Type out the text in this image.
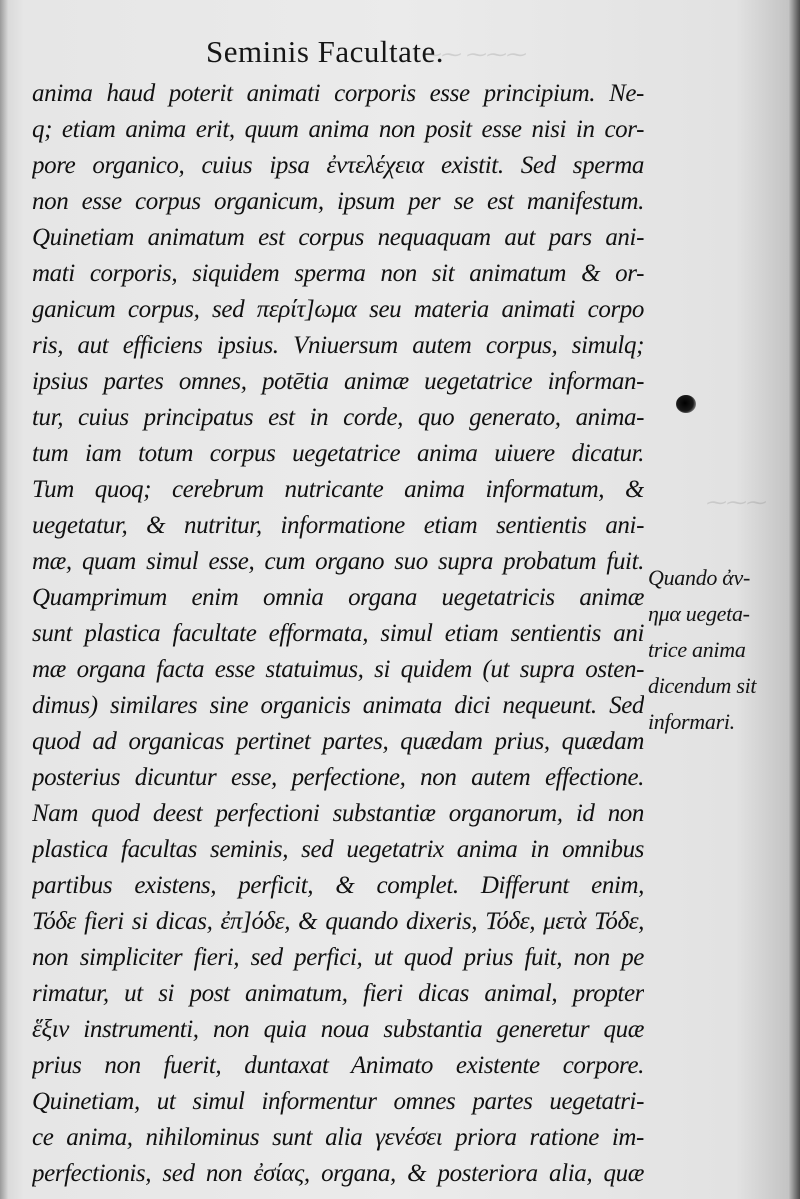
⁓⁓ ⁓⁓⁓
⁓⁓⁓
Seminis Facultate.
anima haud poterit animati corporis esse principium. Ne-
q; etiam anima erit, quum anima non posit esse nisi in cor-
pore organico, cuius ipsa ἐντελέχεια existit. Sed sperma
non esse corpus organicum, ipsum per se est manifestum.
Quinetiam animatum est corpus nequaquam aut pars ani-
mati corporis, siquidem sperma non sit animatum & or-
ganicum corpus, sed περίτ]ωμα seu materia animati corpo
ris, aut efficiens ipsius. Vniuersum autem corpus, simulq;
ipsius partes omnes, potētia animæ uegetatrice informan-
tur, cuius principatus est in corde, quo generato, anima-
tum iam totum corpus uegetatrice anima uiuere dicatur.
Tum quoq; cerebrum nutricante anima informatum, &
uegetatur, & nutritur, informatione etiam sentientis ani-
mæ, quam simul esse, cum organo suo supra probatum fuit.
Quamprimum enim omnia organa uegetatricis animæ
sunt plastica facultate efformata, simul etiam sentientis ani
mæ organa facta esse statuimus, si quidem (ut supra osten-
dimus) similares sine organicis animata dici nequeunt. Sed
quod ad organicas pertinet partes, quædam prius, quædam
posterius dicuntur esse, perfectione, non autem effectione.
Nam quod deest perfectioni substantiæ organorum, id non
plastica facultas seminis, sed uegetatrix anima in omnibus
partibus existens, perficit, & complet. Differunt enim,
Τόδε fieri si dicas, ἐπ]όδε, & quando dixeris, Τόδε, μετὰ Τόδε,
non simpliciter fieri, sed perfici, ut quod prius fuit, non pe
rimatur, ut si post animatum, fieri dicas animal, propter
ἕξιν instrumenti, non quia noua substantia generetur quæ
prius non fuerit, duntaxat Animato existente corpore.
Quinetiam, ut simul informentur omnes partes uegetatri-
ce anima, nihilominus sunt alia γενέσει priora ratione im-
perfectionis, sed non ἐσίας, organa, & posteriora alia, quæ
Quando ἀν-
ημα uegeta-
trice anima
dicendum sit
informari.
